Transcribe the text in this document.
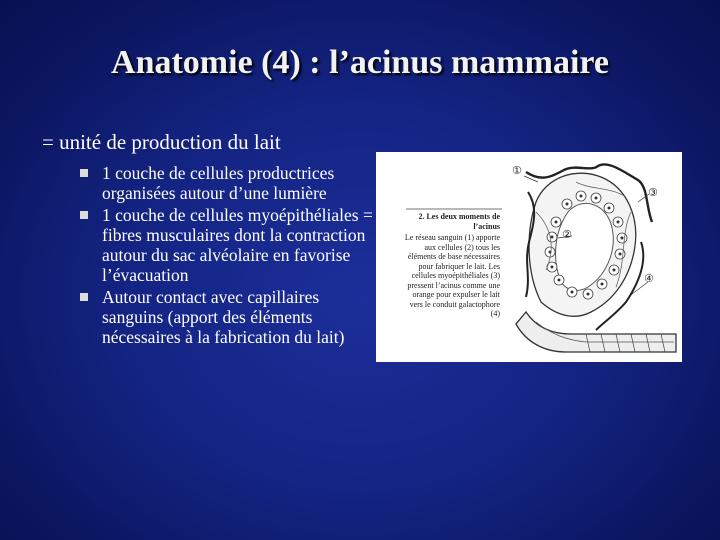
Anatomie (4) : l’acinus mammaire
= unité de production du lait
1 couche de cellules productrices organisées autour d’une lumière
1 couche de cellules myoépithéliales = fibres musculaires dont la contraction autour du sac alvéolaire en favorise l’évacuation
Autour contact avec capillaires sanguins (apport des éléments nécessaires à la fabrication du lait)
2. Les deux moments de l’acinus
Le réseau sanguin (1) apporte aux cellules (2) tous les éléments de base nécessaires pour fabriquer le lait. Les cellules myoépithéliales (3) pressent l’acinus comme une orange pour expulser le lait vers le conduit galactophore (4)
①
②
③
④
